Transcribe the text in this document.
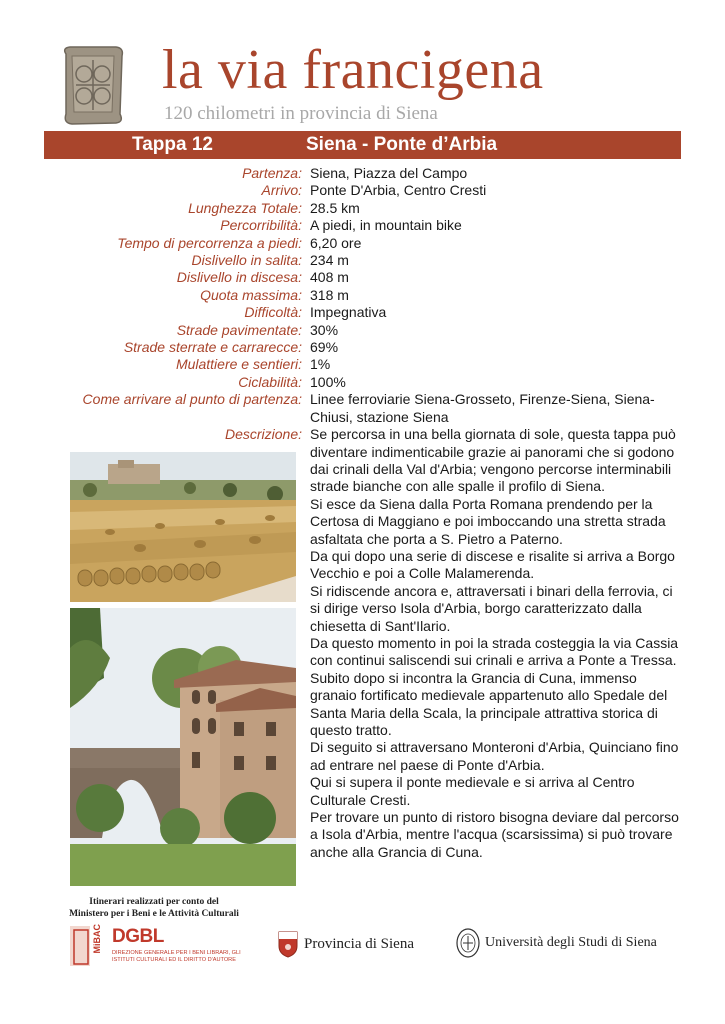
la via francigena
120 chilometri in provincia di Siena
Tappa 12	Siena - Ponte d’Arbia
Partenza: Siena, Piazza del Campo
Arrivo: Ponte D'Arbia, Centro Cresti
Lunghezza Totale: 28.5 km
Percorribilità: A piedi, in mountain bike
Tempo di percorrenza a piedi: 6,20 ore
Dislivello in salita: 234 m
Dislivello in discesa: 408 m
Quota massima: 318 m
Difficoltà: Impegnativa
Strade pavimentate: 30%
Strade sterrate e carrarecce: 69%
Mulattiere e sentieri: 1%
Ciclabilità: 100%
Come arrivare al punto di partenza: Linee ferroviarie Siena-Grosseto, Firenze-Siena, Siena-Chiusi, stazione Siena
Descrizione: Se percorsa in una bella giornata di sole, questa tappa può diventare indimenticabile grazie ai panorami che si godono dai crinali della Val d'Arbia; vengono percorse interminabili strade bianche con alle spalle il profilo di Siena.
Si esce da Siena dalla Porta Romana prendendo per la Certosa di Maggiano e poi imboccando una stretta strada asfaltata che porta a S. Pietro a Paterno.
Da qui dopo una serie di discese e risalite si arriva a Borgo Vecchio e poi a Colle Malamerenda.
Si ridiscende ancora e, attraversati i binari della ferrovia, ci si dirige verso Isola d'Arbia, borgo caratterizzato dalla chiesetta di Sant'Ilario.
Da questo momento in poi la strada costeggia la via Cassia con continui saliscendi sui crinali e arriva a Ponte a Tressa.
Subito dopo si incontra la Grancia di Cuna, immenso granaio fortificato medievale appartenuto allo Spedale del Santa Maria della Scala, la principale attrattiva storica di questo tratto.
Di seguito si attraversano Monteroni d'Arbia, Quinciano fino ad entrare nel paese di Ponte d'Arbia.
Qui si supera il ponte medievale e si arriva al Centro Culturale Cresti.
Per trovare un punto di ristoro bisogna deviare dal percorso a Isola d'Arbia, mentre l'acqua (scarsissima) si può trovare anche alla Grancia di Cuna.
Itinerari realizzati per conto del
Ministero per i Beni e le Attività Culturali
MiBAC DGBL
DIREZIONE GENERALE PER I BENI LIBRARI, GLI ISTITUTI CULTURALI ED IL DIRITTO D'AUTORE
Provincia di Siena	Università degli Studi di Siena
